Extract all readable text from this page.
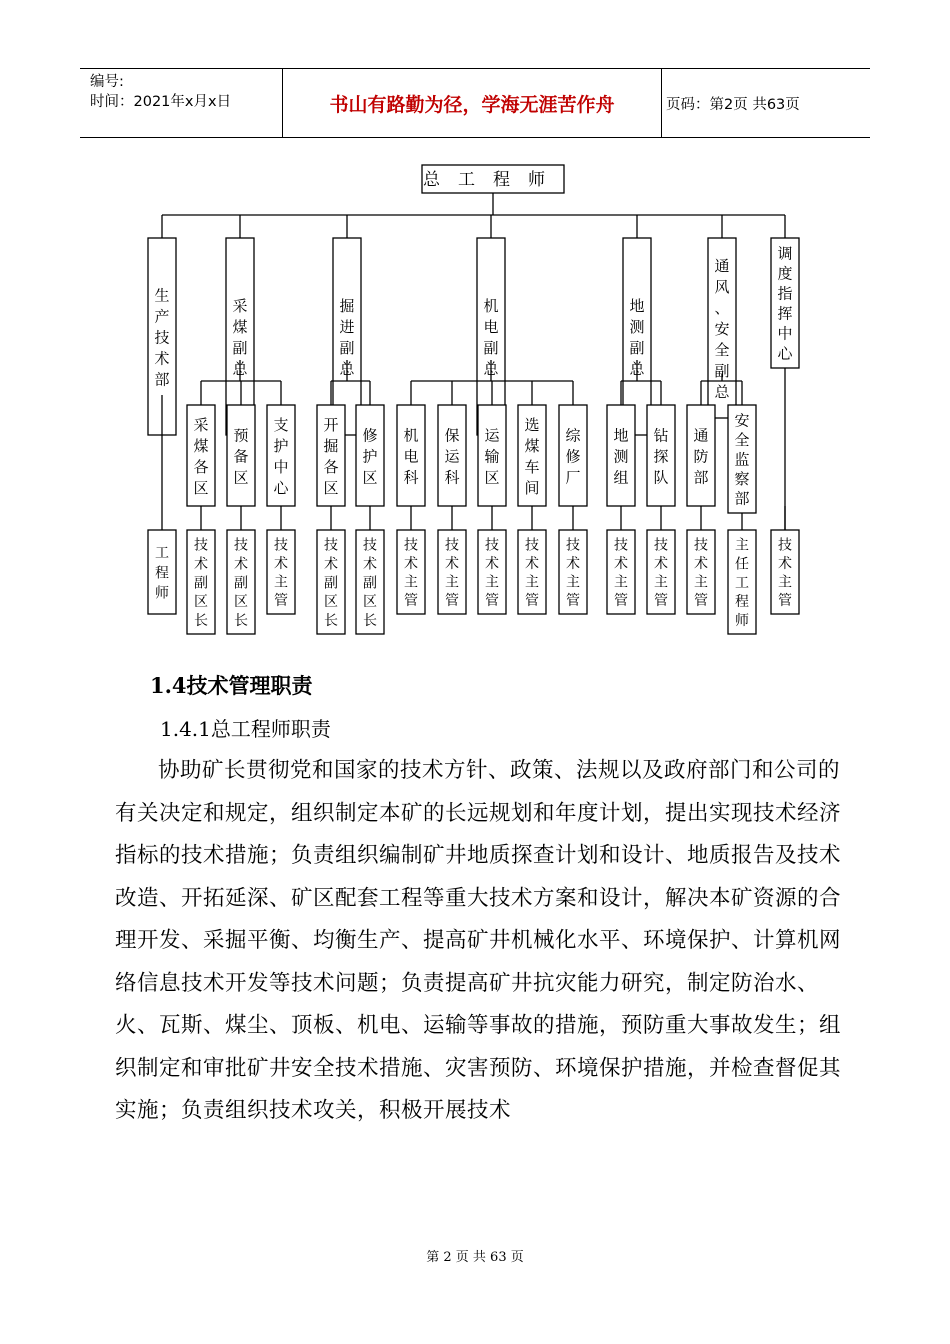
编号:
时间：2021年x月x日	书山有路勤为径，学海无涯苦作舟	页码：第2页 共63页
总工程师
生
产
技
术
部
采
煤
副
总
掘
进
副
总
机
电
副
总
地
测
副
总
通
风
、
安
全
副
总
调
度
指
挥
中
心
采
煤
各
区
预
备
区
支
护
中
心
开
掘
各
区
修
护
区
机
电
科
保
运
科
运
输
区
选
煤
车
间
综
修
厂
地
测
组
钻
探
队
通
防
部
安
全
监
察
部
工
程
师
技
术
副
区
长
技
术
副
区
长
技
术
主
管
技
术
副
区
长
技
术
副
区
长
技
术
主
管
技
术
主
管
技
术
主
管
技
术
主
管
技
术
主
管
技
术
主
管
技
术
主
管
技
术
主
管
主
任
工
程
师
技
术
主
管
1.4技术管理职责
1.4.1总工程师职责

协助矿长贯彻党和国家的技术方针、政策、法规以及政府部门和公司的有关决定和规定，组织制定本矿的长远规划和年度计划，提出实现技术经济指标的技术措施；负责组织编制矿井地质探查计划和设计、地质报告及技术改造、开拓延深、矿区配套工程等重大技术方案和设计，解决本矿资源的合理开发、采掘平衡、均衡生产、提高矿井机械化水平、环境保护、计算机网络信息技术开发等技术问题；负责提高矿井抗灾能力研究，制定防治水、火、瓦斯、煤尘、顶板、机电、运输等事故的措施，预防重大事故发生；组织制定和审批矿井安全技术措施、灾害预防、环境保护措施，并检查督促其实施；负责组织技术攻关，积极开展技术

第 2 页 共 63 页
